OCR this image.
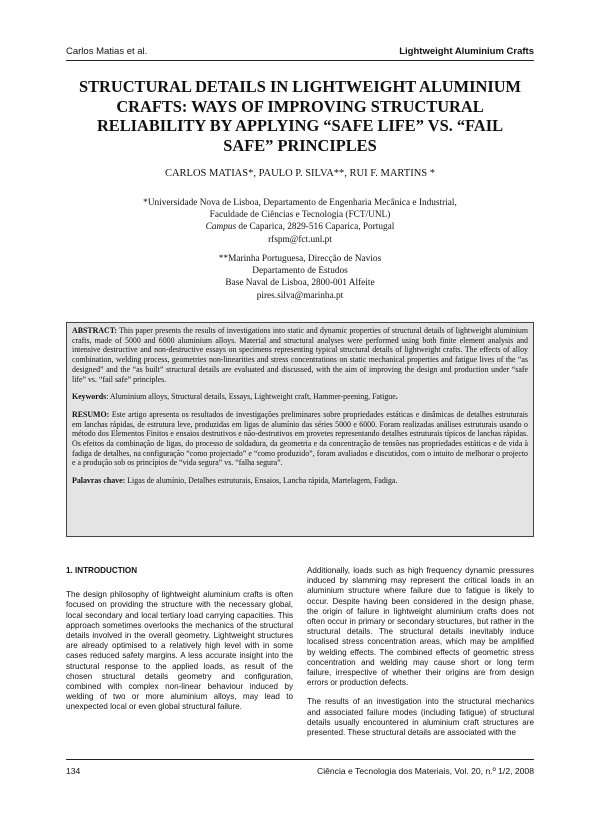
Carlos Matias et al.	Lightweight Aluminium Crafts
STRUCTURAL DETAILS IN LIGHTWEIGHT ALUMINIUM
CRAFTS: WAYS OF IMPROVING STRUCTURAL
RELIABILITY BY APPLYING “SAFE LIFE” VS. “FAIL
SAFE” PRINCIPLES
CARLOS MATIAS*, PAULO P. SILVA**, RUI F. MARTINS *
*Universidade Nova de Lisboa, Departamento de Engenharia Mecânica e Industrial,
Faculdade de Ciências e Tecnologia (FCT/UNL)
Campus de Caparica, 2829-516 Caparica, Portugal
rfspm@fct.unl.pt
**Marinha Portuguesa, Direcção de Navios
Departamento de Estudos
Base Naval de Lisboa, 2800-001 Alfeite
pires.silva@marinha.pt

ABSTRACT: This paper presents the results of investigations into static and dynamic properties of structural details of lightweight aluminium crafts, made of 5000 and 6000 aluminium alloys. Material and structural analyses were performed using both finite element analysis and intensive destructive and non-destructive essays on specimens representing typical structural details of lightweight crafts. The effects of alloy combination, welding process, geometries non-linearities and stress concentrations on static mechanical properties and fatigue lives of the “as designed” and the “as built” structural details are evaluated and discussed, with the aim of improving the design and production under “safe life” vs. “fail safe” principles.

Keywords: Aluminium alloys, Structural details, Essays, Lightweight craft, Hammer-peening, Fatigue.

RESUMO: Este artigo apresenta os resultados de investigações preliminares sobre propriedades estáticas e dinâmicas de detalhes estruturais em lanchas rápidas, de estrutura leve, produzidas em ligas de alumínio das séries 5000 e 6000. Foram realizadas análises estruturais usando o método dos Elementos Finitos e ensaios destrutivos e não-destrutivos em provetes representando detalhes estruturais típicos de lanchas rápidas. Os efeitos da combinação de ligas, do processo de soldadura, da geometria e da concentração de tensões nas propriedades estáticas e de vida à fadiga de detalhes, na configuração “como projectado” e “como produzido”, foram avaliados e discutidos, com o intuito de melhorar o projecto e a produção sob os princípios de “vida segura” vs. “falha segura”.

Palavras chave: Ligas de alumínio, Detalhes estruturais, Ensaios, Lancha rápida, Martelagem, Fadiga.

1. INTRODUCTION

The design philosophy of lightweight aluminium crafts is often focused on providing the structure with the necessary global, local secondary and local tertiary load carrying capacities. This approach sometimes overlooks the mechanics of the structural details involved in the overall geometry. Lightweight structures are already optimised to a relatively high level with in some cases reduced safety margins. A less accurate insight into the structural response to the applied loads, as result of the chosen structural details geometry and configuration, combined with complex non-linear behaviour induced by welding of two or more aluminium alloys, may lead to unexpected local or even global structural failure.

Additionally, loads such as high frequency dynamic pressures induced by slamming may represent the critical loads in an aluminium structure where failure due to fatigue is likely to occur. Despite having been considered in the design phase, the origin of failure in lightweight aluminium crafts does not often occur in primary or secondary structures, but rather in the structural details. The structural details inevitably induce localised stress concentration areas, which may be amplified by welding effects. The combined effects of geometric stress concentration and welding may cause short or long term failure, irrespective of whether their origins are from design errors or production defects.

The results of an investigation into the structural mechanics and associated failure modes (including fatigue) of structural details usually encountered in aluminium craft structures are presented. These structural details are associated with the

134	Ciência e Tecnologia dos Materiais, Vol. 20, n.º 1/2, 2008
